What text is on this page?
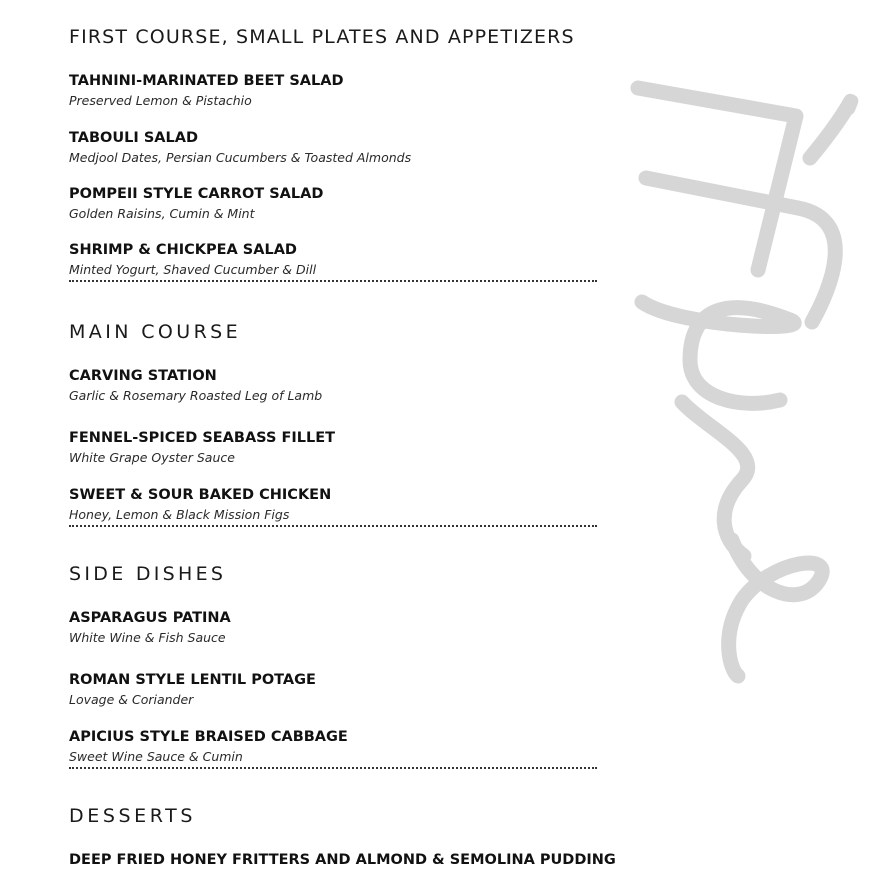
FIRST COURSE, SMALL PLATES AND APPETIZERS
TAHNINI-MARINATED BEET SALAD
Preserved Lemon & Pistachio
TABOULI SALAD
Medjool Dates, Persian Cucumbers & Toasted Almonds
POMPEII STYLE CARROT SALAD
Golden Raisins, Cumin & Mint
SHRIMP & CHICKPEA SALAD
Minted Yogurt, Shaved Cucumber & Dill
MAIN COURSE
CARVING STATION
Garlic & Rosemary Roasted Leg of Lamb
FENNEL-SPICED SEABASS FILLET
White Grape Oyster Sauce
SWEET & SOUR BAKED CHICKEN
Honey, Lemon & Black Mission Figs
SIDE DISHES
ASPARAGUS PATINA
White Wine & Fish Sauce
ROMAN STYLE LENTIL POTAGE
Lovage & Coriander
APICIUS STYLE BRAISED CABBAGE
Sweet Wine Sauce & Cumin
DESSERTS
DEEP FRIED HONEY FRITTERS AND ALMOND & SEMOLINA PUDDING
